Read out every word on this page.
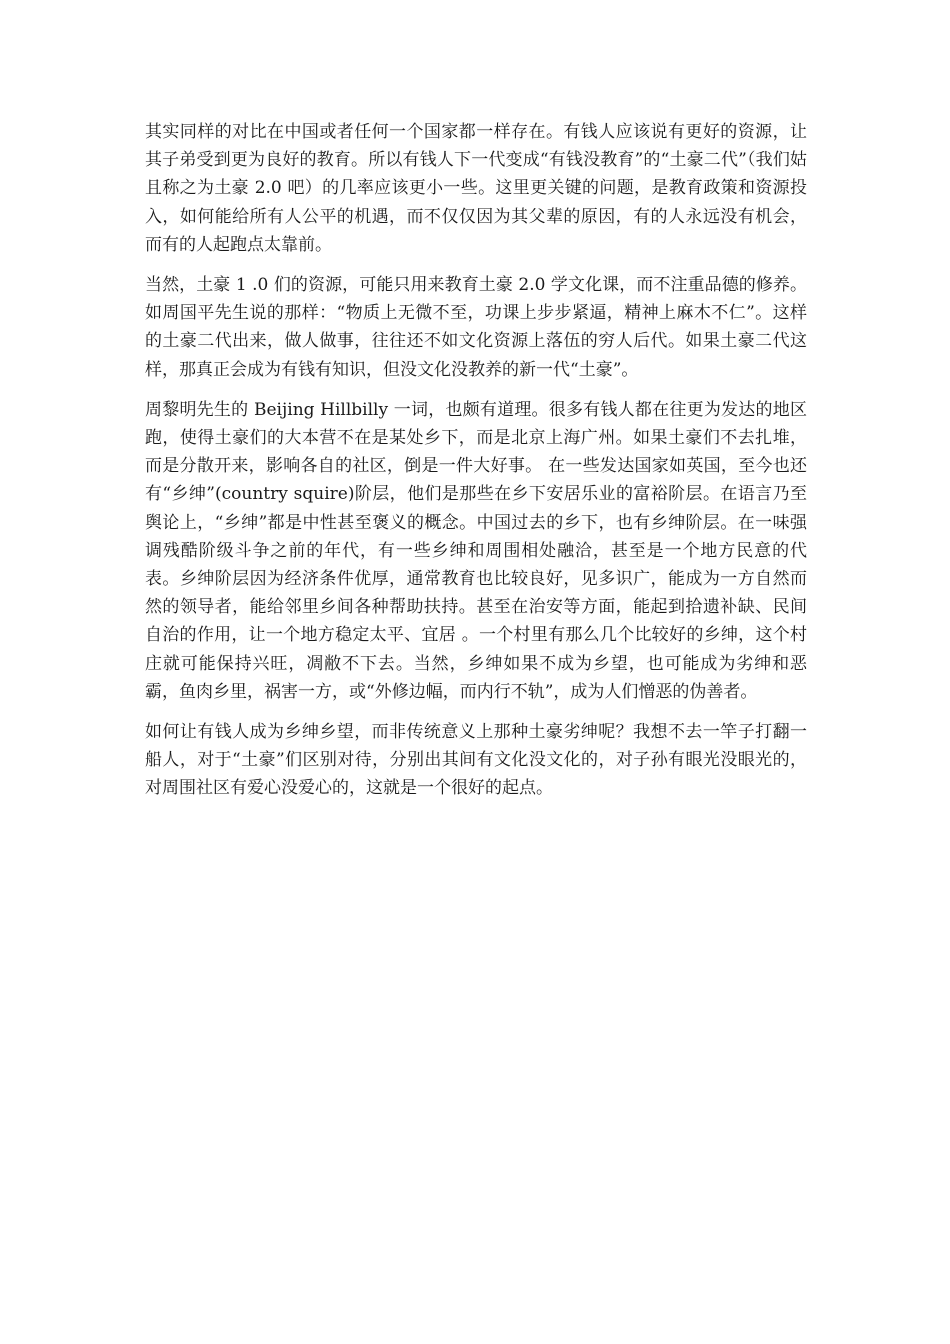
其实同样的对比在中国或者任何一个国家都一样存在。有钱人应该说有更好的资源，让其子弟受到更为良好的教育。所以有钱人下一代变成“有钱没教育”的“土豪二代”（我们姑且称之为土豪 2.0 吧）的几率应该更小一些。这里更关键的问题，是教育政策和资源投入，如何能给所有人公平的机遇，而不仅仅因为其父辈的原因，有的人永远没有机会，而有的人起跑点太靠前。

当然，土豪 1 .0 们的资源，可能只用来教育土豪 2.0 学文化课，而不注重品德的修养。如周国平先生说的那样：“物质上无微不至，功课上步步紧逼，精神上麻木不仁”。这样的土豪二代出来，做人做事，往往还不如文化资源上落伍的穷人后代。如果土豪二代这样，那真正会成为有钱有知识，但没文化没教养的新一代“土豪”。

周黎明先生的 Beijing Hillbilly 一词，也颇有道理。很多有钱人都在往更为发达的地区跑，使得土豪们的大本营不在是某处乡下，而是北京上海广州。如果土豪们不去扎堆，而是分散开来，影响各自的社区，倒是一件大好事。 在一些发达国家如英国，至今也还有“乡绅”(country squire)阶层，他们是那些在乡下安居乐业的富裕阶层。在语言乃至舆论上，“乡绅”都是中性甚至褒义的概念。中国过去的乡下，也有乡绅阶层。在一味强调残酷阶级斗争之前的年代，有一些乡绅和周围相处融洽，甚至是一个地方民意的代表。乡绅阶层因为经济条件优厚，通常教育也比较良好，见多识广，能成为一方自然而然的领导者，能给邻里乡间各种帮助扶持。甚至在治安等方面，能起到拾遗补缺、民间自治的作用，让一个地方稳定太平、宜居 。一个村里有那么几个比较好的乡绅，这个村庄就可能保持兴旺，凋敝不下去。当然，乡绅如果不成为乡望，也可能成为劣绅和恶霸，鱼肉乡里，祸害一方，或“外修边幅，而内行不轨”，成为人们憎恶的伪善者。

如何让有钱人成为乡绅乡望，而非传统意义上那种土豪劣绅呢？我想不去一竿子打翻一船人，对于“土豪”们区别对待，分别出其间有文化没文化的，对子孙有眼光没眼光的，对周围社区有爱心没爱心的，这就是一个很好的起点。
